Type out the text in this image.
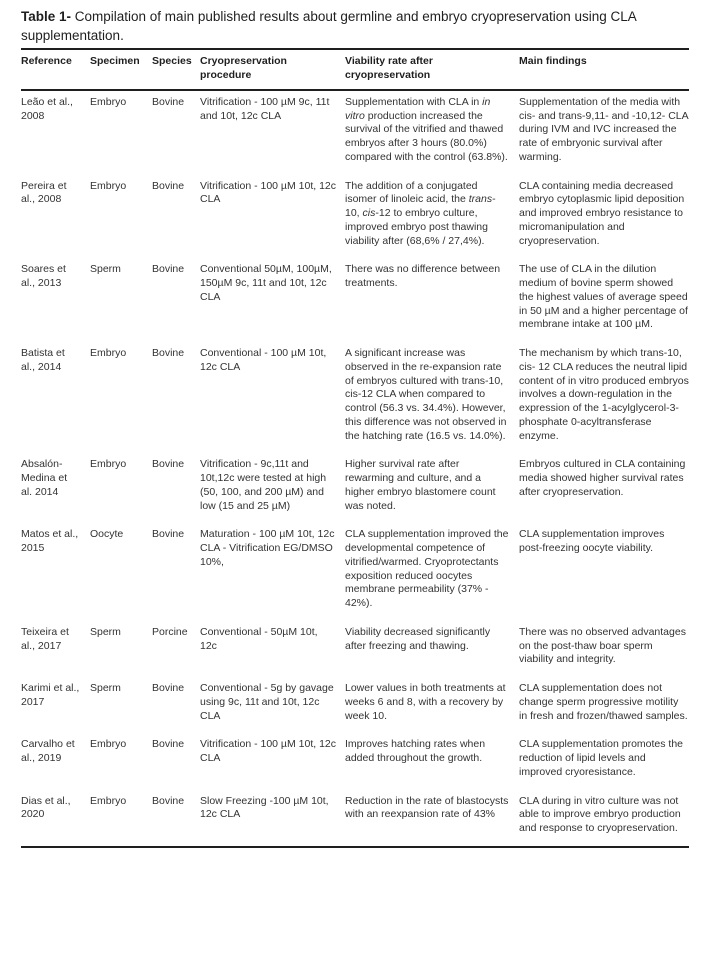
Table 1- Compilation of main published results about germline and embryo cryopreservation using CLA supplementation.
Reference	Specimen	Species	Cryopreservation procedure	Viability rate after cryopreservation	Main findings
Leão et al., 2008	Embryo	Bovine	Vitrification - 100 µM 9c, 11t and 10t, 12c CLA	Supplementation with CLA in in vitro production increased the survival of the vitrified and thawed embryos after 3 hours (80.0%) compared with the control (63.8%).	Supplementation of the media with cis- and trans-9,11- and -10,12- CLA during IVM and IVC increased the rate of embryonic survival after warming.
Pereira et al., 2008	Embryo	Bovine	Vitrification - 100 µM 10t, 12c CLA	The addition of a conjugated isomer of linoleic acid, the trans-10, cis-12 to embryo culture, improved embryo post thawing viability after (68,6% / 27,4%).	CLA containing media decreased embryo cytoplasmic lipid deposition and improved embryo resistance to micromanipulation and cryopreservation.
Soares et al., 2013	Sperm	Bovine	Conventional 50µM, 100µM, 150µM 9c, 11t and 10t, 12c CLA	There was no difference between treatments.	The use of CLA in the dilution medium of bovine sperm showed the highest values of average speed in 50 µM and a higher percentage of membrane intake at 100 µM.
Batista et al., 2014	Embryo	Bovine	Conventional - 100 µM 10t, 12c CLA	A significant increase was observed in the re-expansion rate of embryos cultured with trans-10, cis-12 CLA when compared to control (56.3 vs. 34.4%). However, this difference was not observed in the hatching rate (16.5 vs. 14.0%).	The mechanism by which trans-10, cis- 12 CLA reduces the neutral lipid content of in vitro produced embryos involves a down-regulation in the expression of the 1-acylglycerol-3-phosphate 0-acyltransferase enzyme.
Absalón-Medina et al. 2014	Embryo	Bovine	Vitrification - 9c,11t and 10t,12c were tested at high (50, 100, and 200 µM) and low (15 and 25 µM)	Higher survival rate after rewarming and culture, and a higher embryo blastomere count was noted.	Embryos cultured in CLA containing media showed higher survival rates after cryopreservation.
Matos et al., 2015	Oocyte	Bovine	Maturation - 100 µM 10t, 12c CLA - Vitrification EG/DMSO 10%,	CLA supplementation improved the developmental competence of vitrified/warmed. Cryoprotectants exposition reduced oocytes membrane permeability (37% - 42%).	CLA supplementation improves post-freezing oocyte viability.
Teixeira et al., 2017	Sperm	Porcine	Conventional - 50µM 10t, 12c	Viability decreased significantly after freezing and thawing.	There was no observed advantages on the post-thaw boar sperm viability and integrity.
Karimi et al., 2017	Sperm	Bovine	Conventional - 5g by gavage using 9c, 11t and 10t, 12c CLA	Lower values in both treatments at weeks 6 and 8, with a recovery by week 10.	CLA supplementation does not change sperm progressive motility in fresh and frozen/thawed samples.
Carvalho et al., 2019	Embryo	Bovine	Vitrification - 100 µM 10t, 12c CLA	Improves hatching rates when added throughout the growth.	CLA supplementation promotes the reduction of lipid levels and improved cryoresistance.
Dias et al., 2020	Embryo	Bovine	Slow Freezing -100 µM 10t, 12c CLA	Reduction in the rate of blastocysts with an reexpansion rate of 43%	CLA during in vitro culture was not able to improve embryo production and response to cryopreservation.
